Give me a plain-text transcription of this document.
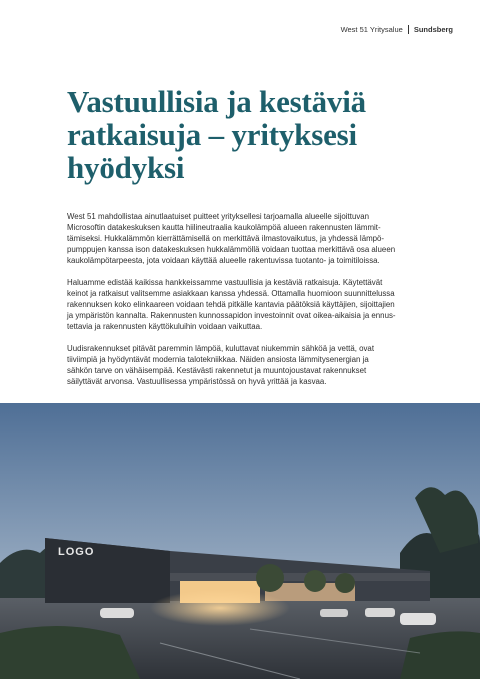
West 51 Yritysalue Sundsberg
Vastuullisia ja kestäviä
ratkaisuja – yrityksesi
hyödyksi

West 51 mahdollistaa ainutlaatuiset puitteet yrityksellesi tarjoamalla alueelle sijoittuvan
Microsoftin datakeskuksen kautta hiilineutraalia kaukolämpöä alueen rakennusten lämmit-
tämiseksi. Hukkalämmön kierrättämisellä on merkittävä ilmastovaikutus, ja yhdessä lämpö-
pumppujen kanssa ison datakeskuksen hukkalämmöllä voidaan tuottaa merkittävä osa alueen
kaukolämpötarpeesta, jota voidaan käyttää alueelle rakentuvissa tuotanto- ja toimitiloissa.

Haluamme edistää kaikissa hankkeissamme vastuullisia ja kestäviä ratkaisuja. Käytettävät
keinot ja ratkaisut valitsemme asiakkaan kanssa yhdessä. Ottamalla huomioon suunnittelussa
rakennuksen koko elinkaareen voidaan tehdä pitkälle kantavia päätöksiä käyttäjien, sijoittajien
ja ympäristön kannalta. Rakennusten kunnossapidon investoinnit ovat oikea-aikaisia ja ennus-
tettavia ja rakennusten käyttökuluihin voidaan vaikuttaa.

Uudisrakennukset pitävät paremmin lämpöä, kuluttavat niukemmin sähköä ja vettä, ovat
tiiviimpiä ja hyödyntävät modernia talotekniikkaa. Näiden ansiosta lämmitysenergian ja
sähkön tarve on vähäisempää. Kestävästi rakennetut ja muuntojoustavat rakennukset
säilyttävät arvonsa. Vastuullisessa ympäristössä on hyvä yrittää ja kasvaa.

LOGO
